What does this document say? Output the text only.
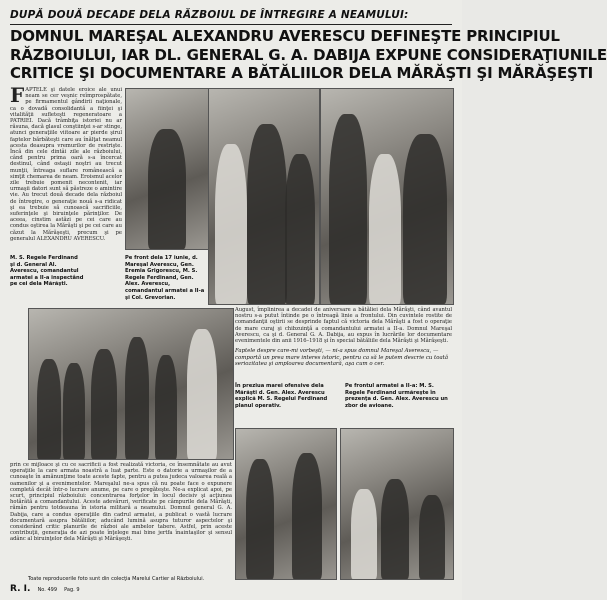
DUPĂ DOUĂ DECADE DELA RĂZBOIUL DE ÎNTREGIRE A NEAMULUI:
DOMNUL MAREŞAL ALEXANDRU AVERESCU DEFINEŞTE PRINCIPIUL
RĂZBOIULUI, IAR DL. GENERAL G. A. DABIJA EXPUNE CONSIDERAŢIUNILE
CRITICE ŞI DOCUMENTARE A BĂTĂLIILOR DELA MĂRĂŞTI ŞI MĂRĂŞEŞTI
F APTELE şi datele eroice ale unui neam se cer veşnic reîmprospătate, pe firmamentul gândirii naţionale, ca o dovadă consolidantă a fiinţei şi vitalităţii sufleteşti regeneratoare a PATRIEI. Dacă trâmbiţa istoriei nu ar răsuna, dacă glasul conştiinţei s-ar stinge, atunci generaţiile viitoare ar pierde şirul faptelor bărbăteşti care au înălţat neamul acesta deasupra vremurilor de restrişte. Încă din cele dintâi zile ale războiului, când pentru prima oară s-a încercat destinul, când ostaşii noştri au trecut munţii, întreaga suflare românească a simţit chemarea de neam. Eroismul acelor zile trebuie pomenit necontenit, iar urmaşii datori sunt să păstreze o amintire vie. Au trecut două decade dela războiul de întregire, o generaţie nouă s-a ridicat şi ea trebuie să cunoască sacrificiile, suferinţele şi biruinţele părinţilor. De aceea, cinstim astăzi pe cei care au condus oştirea la Mărăşti şi pe cei care au căzut la Mărăşeşti, precum şi pe generalul ALEXANDRU AVERESCU.
M. S. Regele Ferdinand şi d. General Al. Averescu, comandantul armatei a II-a inspectând pe cei dela Mărăşti.
Pe front dela 17 iunie, d. Mareşal Averescu, Gen. Eremia Grigorescu, M. S. Regele Ferdinand, Gen. Alex. Averescu, comandantul armatei a II-a şi Col. Grevorian.
August, împlinirea a decadei de aniversare a bătăliei dela Mărăşti, când avantul nostru s-a putut întinde pe o întreagă linie a frontului. Din cuvintele rostite de comandanţii oştirii se desprinde faptul că victoria dela Mărăşti a fost o operaţie de mare curaj şi chibzuinţă a comandantului armatei a II-a. Domnul Mareşal Averescu, ca şi d. General G. A. Dabija, au expus în lucrările lor documentare evenimentele din anii 1916–1918 şi în special bătăliile dela Mărăşti şi Mărăşeşti.
Faptele despre care-mi vorbeşti, — ni-a spus domnul Mareşal Averescu, — comportă un prea mare interes istoric, pentru ca să le putem descrie cu toată seriozitatea şi amploarea documentară, aşa cum o cer.
În preziua marei ofensive dela Mărăşti d. Gen. Alex. Averescu explică M. S. Regelui Ferdinand planul operativ.
Pe frontul armatei a II-a: M. S. Regele Ferdinand urmăreşte în prezenţa d. Gen. Alex. Averescu un zbor de avioane.
prin ce mijloace şi cu ce sacrificii a fost realizată victoria, ce însemnătate au avut operaţiile la care armata noastră a luat parte. Este o datorie a urmaşilor de a cunoaşte în amănunţime toate aceste fapte, pentru a putea judeca valoarea reală a oamenilor şi a evenimentelor. Mareşalul ne-a spus că nu poate face o expunere completă decât într-o lucrare anume, pe care o pregăteşte. Ne-a explicat apoi, pe scurt, principiul războiului: concentrarea forţelor în locul decisiv şi acţiunea hotărâtă a comandantului. Aceste adevăruri, verificate pe câmpurile dela Mărăşti, rămân pentru totdeauna în istoria militară a neamului. Domnul general G. A. Dabija, care a condus operaţiile din cadrul armatei, a publicat o vastă lucrare documentară asupra bătăliilor, aducând lumină asupra tuturor aspectelor şi considerând critic planurile de război ale ambelor tabere. Astfel, prin aceste contribuţii, generaţia de azi poate înţelege mai bine jertfa înaintaşilor şi sensul adânc al biruinţelor dela Mărăşti şi Mărăşeşti.
Toate reproducerile foto sunt din colecţia Marelui Cartier al Războiului.
R. I. No. 499 Pag. 9
